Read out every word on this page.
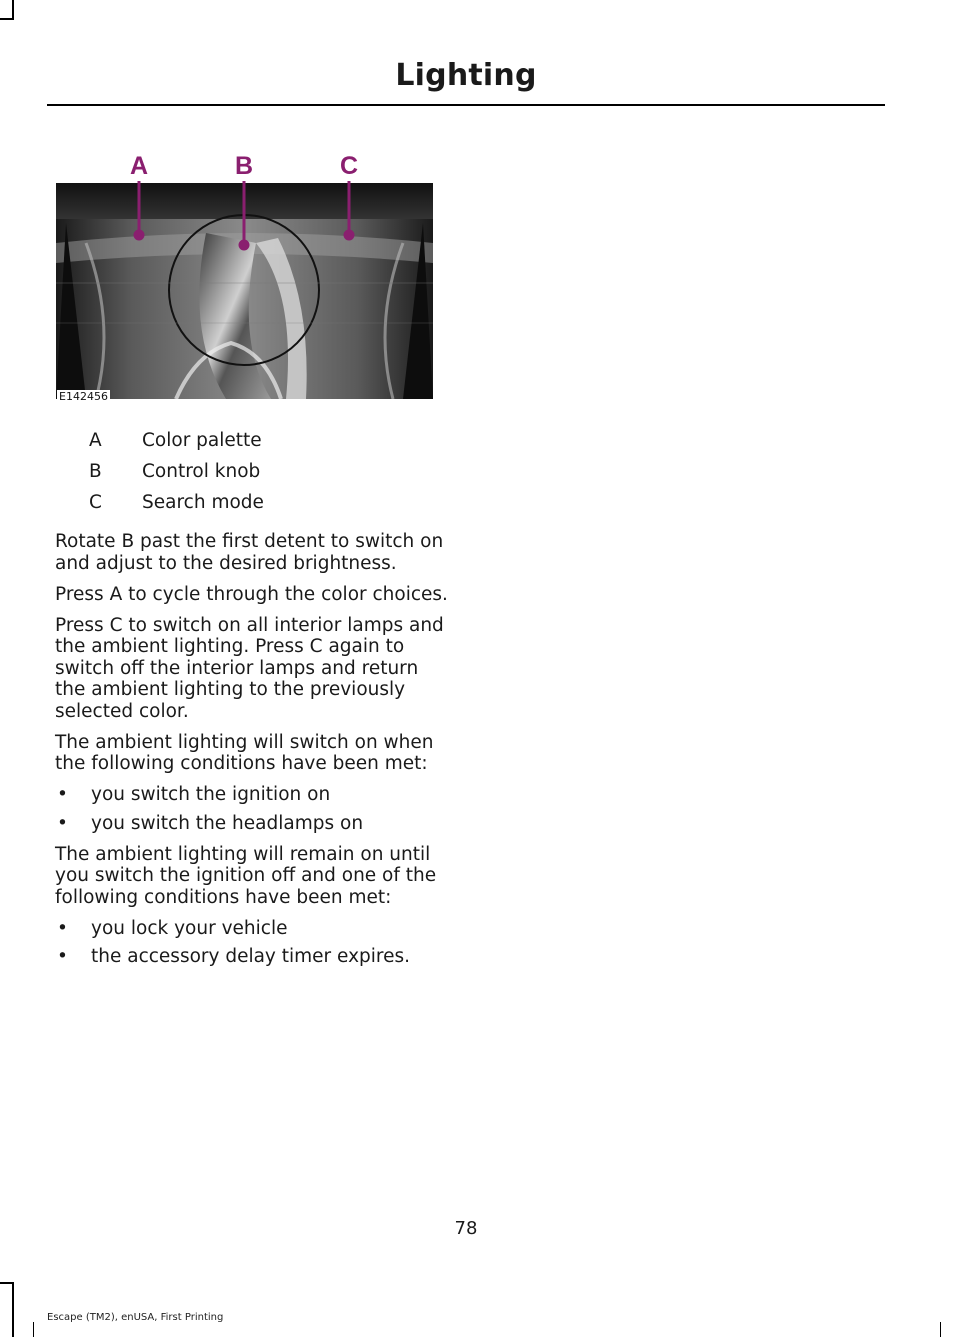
Lighting
A	B	C
E142456
A	Color palette
B	Control knob
C	Search mode

Rotate B past the first detent to switch on and adjust to the desired brightness.

Press A to cycle through the color choices.

Press C to switch on all interior lamps and the ambient lighting. Press C again to switch off the interior lamps and return the ambient lighting to the previously selected color.

The ambient lighting will switch on when the following conditions have been met:

•	you switch the ignition on
•	you switch the headlamps on

The ambient lighting will remain on until you switch the ignition off and one of the following conditions have been met:

•	you lock your vehicle
•	the accessory delay timer expires.
78
Escape (TM2), enUSA, First Printing
